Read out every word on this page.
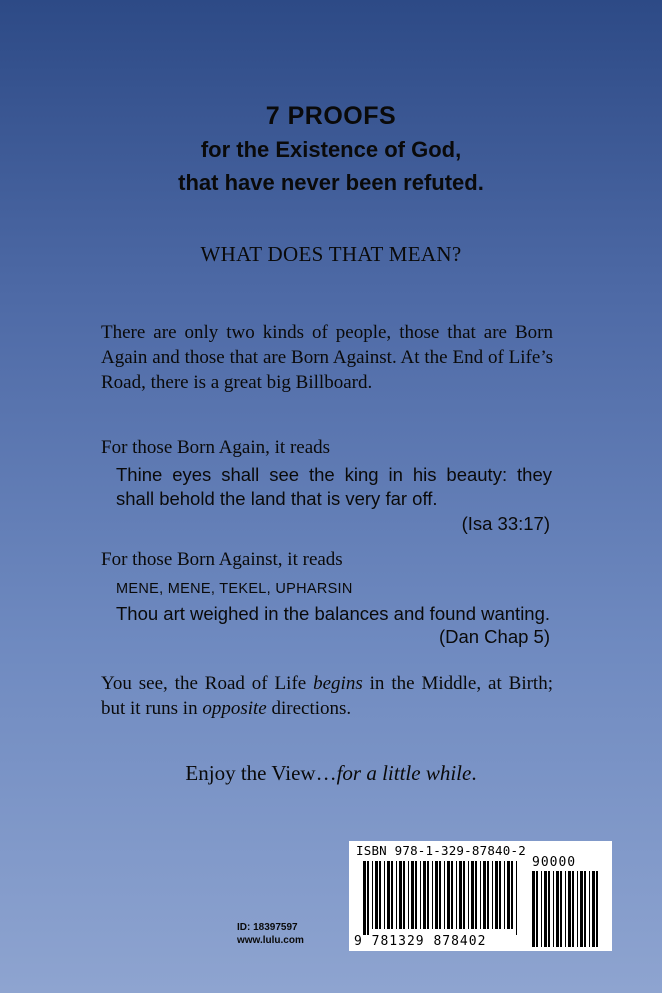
7 PROOFS
for the Existence of God,
that have never been refuted.
WHAT DOES THAT MEAN?
There are only two kinds of people, those that are Born Again and those that are Born Against. At the End of Life’s Road, there is a great big Billboard.
For those Born Again, it reads
Thine eyes shall see the king in his beauty: they shall behold the land that is very far off.
(Isa 33:17)
For those Born Against, it reads
MENE, MENE, TEKEL, UPHARSIN
Thou art weighed in the balances and found wanting.
(Dan Chap 5)
You see, the Road of Life begins in the Middle, at Birth; but it runs in opposite directions.
Enjoy the View…for a little while.
ID: 18397597
www.lulu.com
ISBN 978-1-329-87840-2
9 781329 878402
90000
